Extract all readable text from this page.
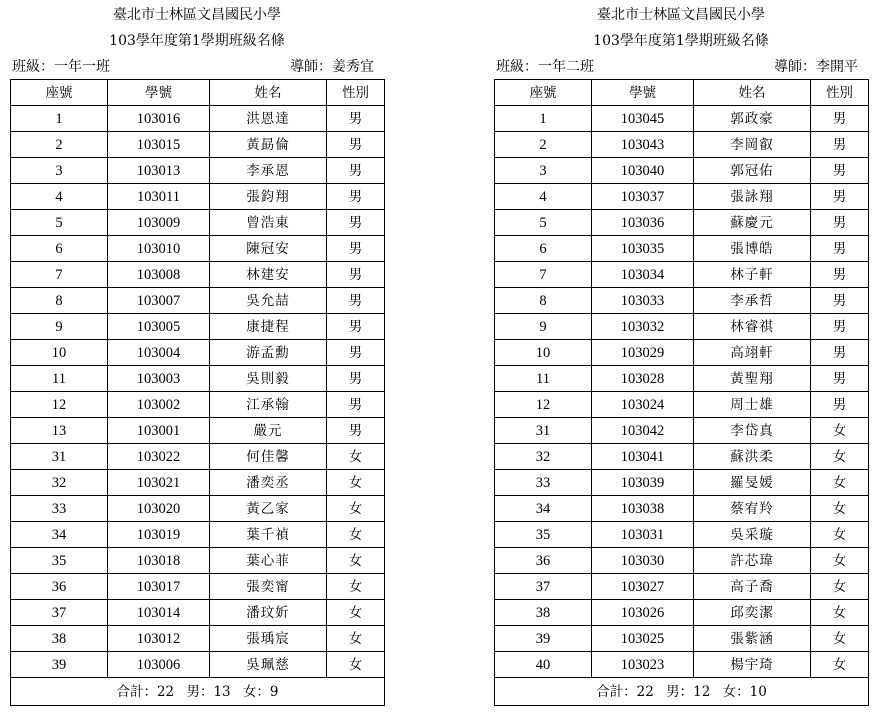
臺北市士林區文昌國民小學
103學年度第1學期班級名條
班級：一年一班	導師：姜秀宜
座號	學號	姓名	性別
1	103016	洪恩達	男
2	103015	黃勗倫	男
3	103013	李承恩	男
4	103011	張鈞翔	男
5	103009	曾浩東	男
6	103010	陳冠安	男
7	103008	林建安	男
8	103007	吳允喆	男
9	103005	康捷程	男
10	103004	游孟勳	男
11	103003	吳則毅	男
12	103002	江承翰	男
13	103001	嚴元	男
31	103022	何佳馨	女
32	103021	潘奕丞	女
33	103020	黃乙家	女
34	103019	葉千禎	女
35	103018	葉心菲	女
36	103017	張奕甯	女
37	103014	潘玟妡	女
38	103012	張瑀宸	女
39	103006	吳珮慈	女
合計：22 男：13 女：9			
臺北市士林區文昌國民小學
103學年度第1學期班級名條
班級：一年二班	導師：李開平
座號	學號	姓名	性別
1	103045	郭政豪	男
2	103043	李岡叡	男
3	103040	郭冠佑	男
4	103037	張詠翔	男
5	103036	蘇慶元	男
6	103035	張博皓	男
7	103034	林子軒	男
8	103033	李承哲	男
9	103032	林睿祺	男
10	103029	高翊軒	男
11	103028	黃聖翔	男
12	103024	周士雄	男
31	103042	李岱真	女
32	103041	蘇洪柔	女
33	103039	羅旻媛	女
34	103038	蔡宥羚	女
35	103031	吳采璇	女
36	103030	許芯瑋	女
37	103027	高子喬	女
38	103026	邱奕潔	女
39	103025	張紫涵	女
40	103023	楊宇琦	女
合計：22 男：12 女：10			
